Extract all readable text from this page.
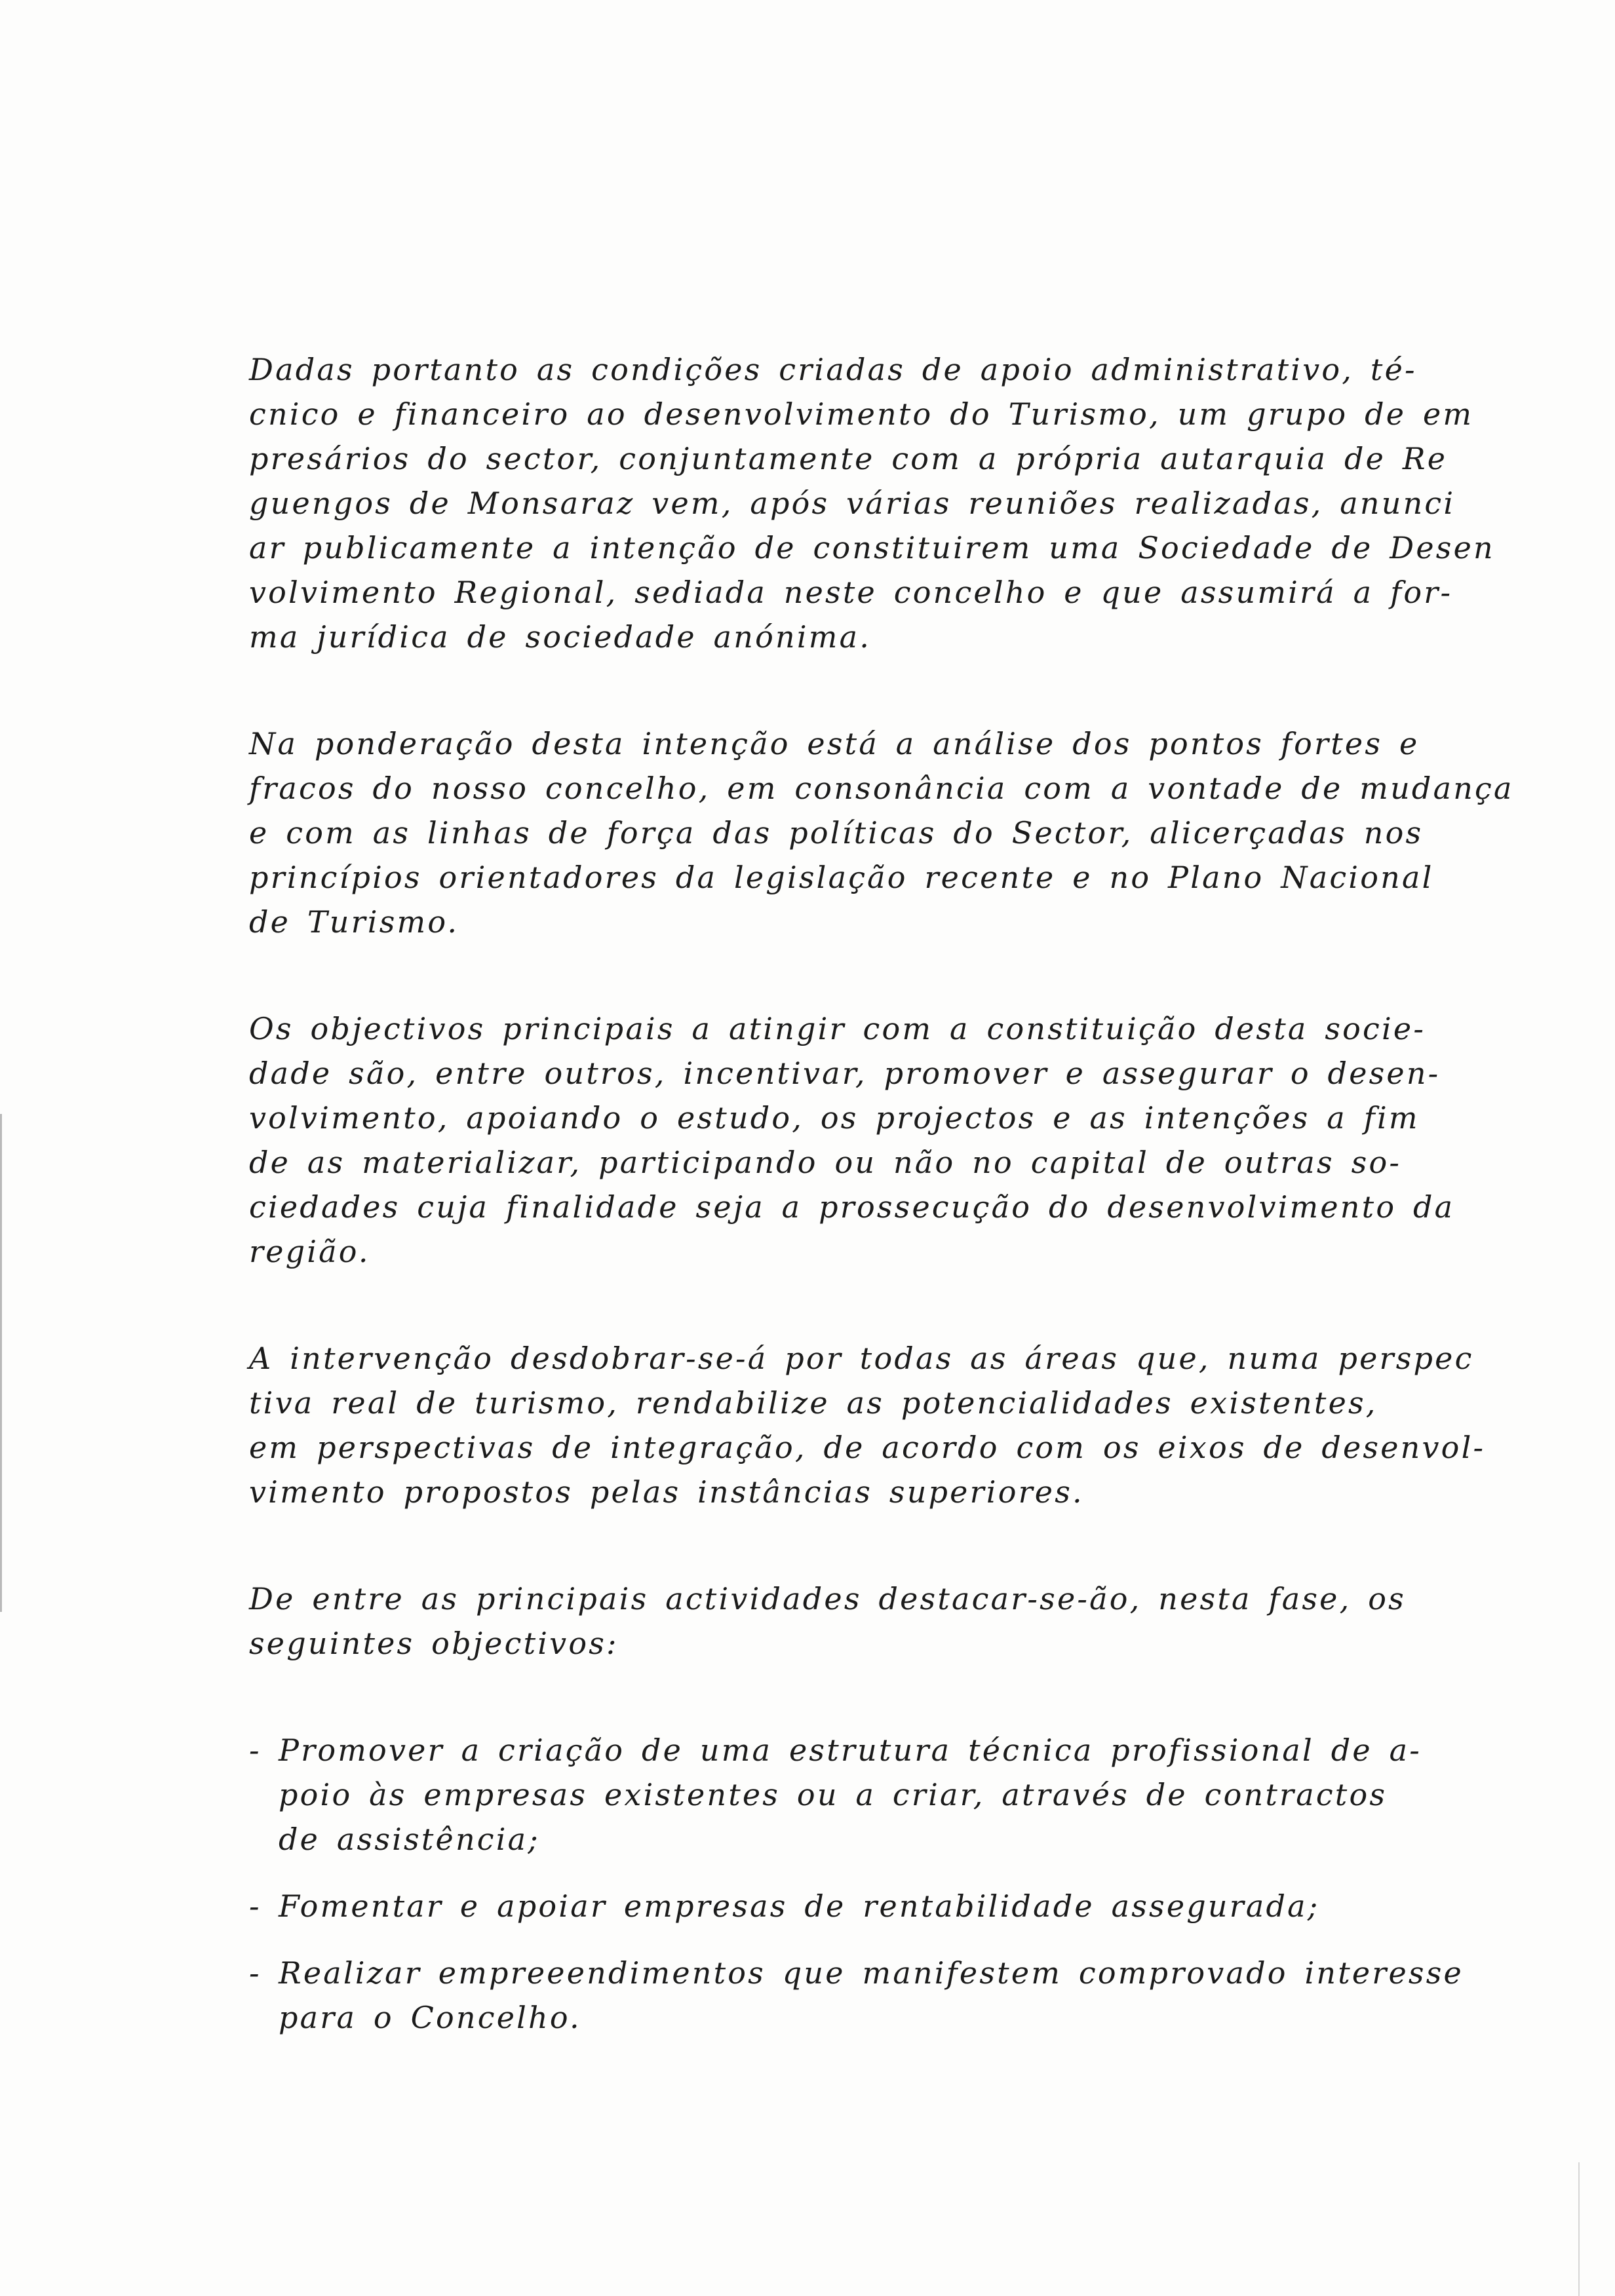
Dadas portanto as condições criadas de apoio administrativo, té-
cnico e financeiro ao desenvolvimento do Turismo, um grupo de em
presários do sector, conjuntamente com a própria autarquia de Re
guengos de Monsaraz vem, após várias reuniões realizadas, anunci
ar publicamente a intenção de constituirem uma Sociedade de Desen
volvimento Regional, sediada neste concelho e que assumirá a for-
ma jurídica de sociedade anónima.
Na ponderação desta intenção está a análise dos pontos fortes e
fracos do nosso concelho, em consonância com a vontade de mudança
e com as linhas de força das políticas do Sector, alicerçadas nos
princípios orientadores da legislação recente e no Plano Nacional
de Turismo.
Os objectivos principais a atingir com a constituição desta socie-
dade são, entre outros, incentivar, promover e assegurar o desen-
volvimento, apoiando o estudo, os projectos e as intenções a fim
de as materializar, participando ou não no capital de outras so-
ciedades cuja finalidade seja a prossecução do desenvolvimento da
região.
A intervenção desdobrar-se-á por todas as áreas que, numa perspec
tiva real de turismo, rendabilize as potencialidades existentes,
em perspectivas de integração, de acordo com os eixos de desenvol-
vimento propostos pelas instâncias superiores.
De entre as principais actividades destacar-se-ão, nesta fase, os
seguintes objectivos:
- Promover a criação de uma estrutura técnica profissional de a-
poio às empresas existentes ou a criar, através de contractos
de assistência;
- Fomentar e apoiar empresas de rentabilidade assegurada;
- Realizar empreeendimentos que manifestem comprovado interesse
para o Concelho.
